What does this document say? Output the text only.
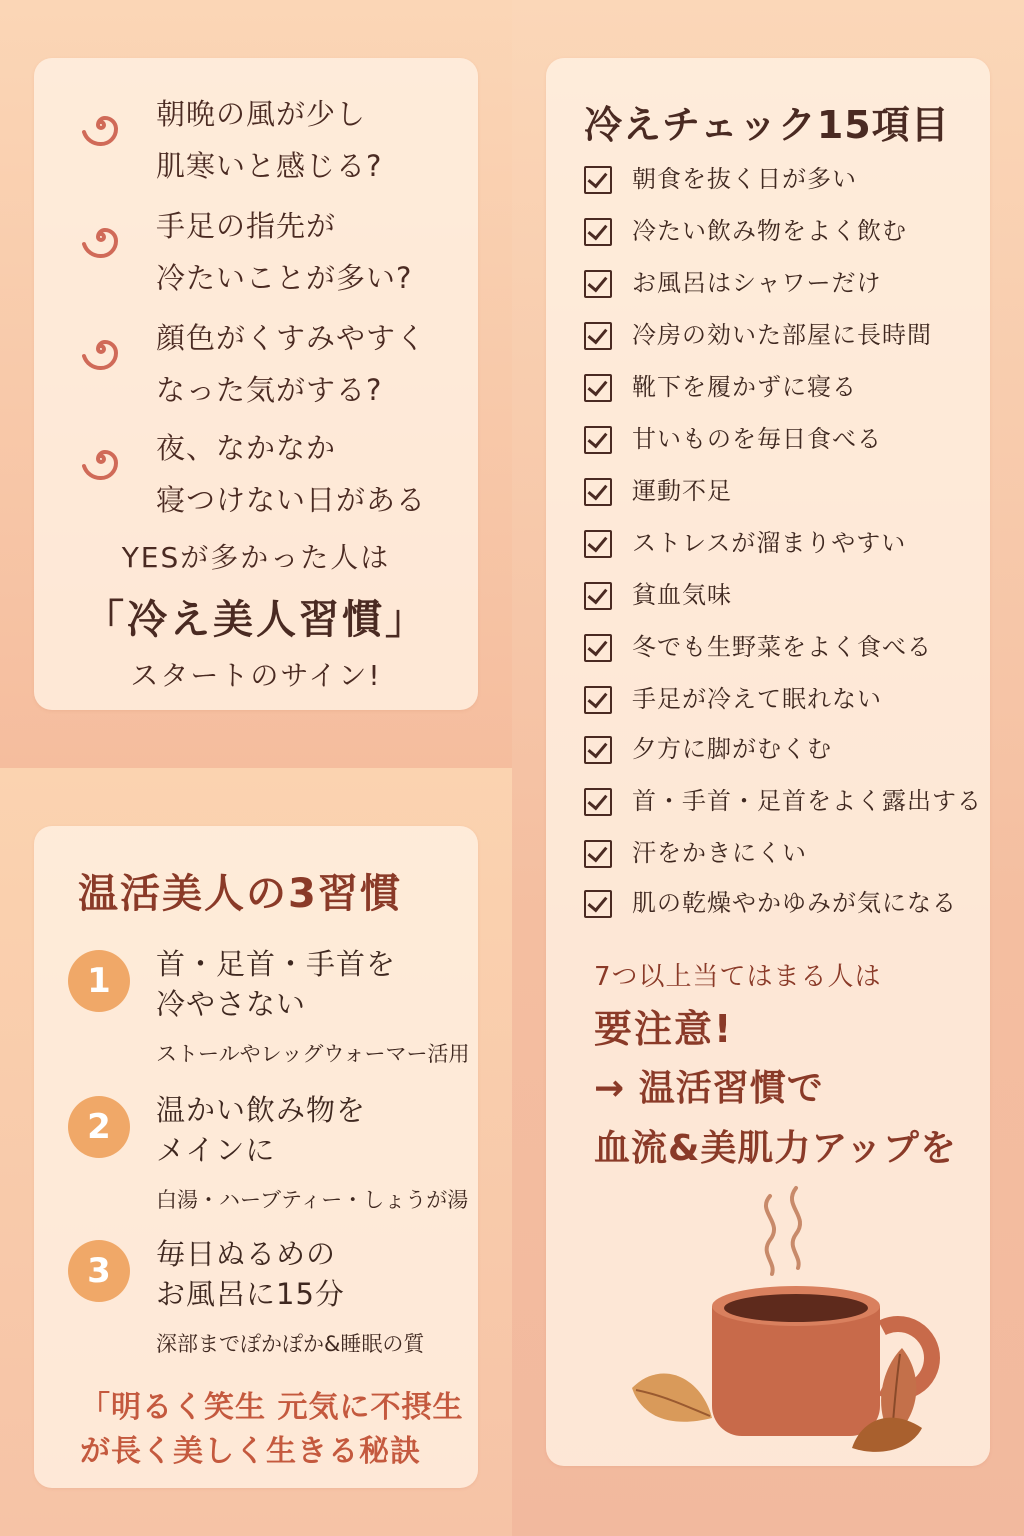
朝晩の風が少し
肌寒いと感じる?
手足の指先が
冷たいことが多い?
顔色がくすみやすく
なった気がする?
夜、なかなか
寝つけない日がある
YESが多かった人は
「冷え美人習慣」
スタートのサイン!
温活美人の3習慣
1	首・足首・手首を
冷やさない
ストールやレッグウォーマー活用
2	温かい飲み物を
メインに
白湯・ハーブティー・しょうが湯
3	毎日ぬるめの
お風呂に15分
深部までぽかぽか&睡眠の質
「明るく笑生 元気に不摂生
が長く美しく生きる秘訣
冷えチェック15項目
朝食を抜く日が多い
冷たい飲み物をよく飲む
お風呂はシャワーだけ
冷房の効いた部屋に長時間
靴下を履かずに寝る
甘いものを毎日食べる
運動不足
ストレスが溜まりやすい
貧血気味
冬でも生野菜をよく食べる
手足が冷えて眠れない
夕方に脚がむくむ
首・手首・足首をよく露出する
汗をかきにくい
肌の乾燥やかゆみが気になる
7つ以上当てはまる人は
要注意!
→ 温活習慣で
血流&美肌力アップを
